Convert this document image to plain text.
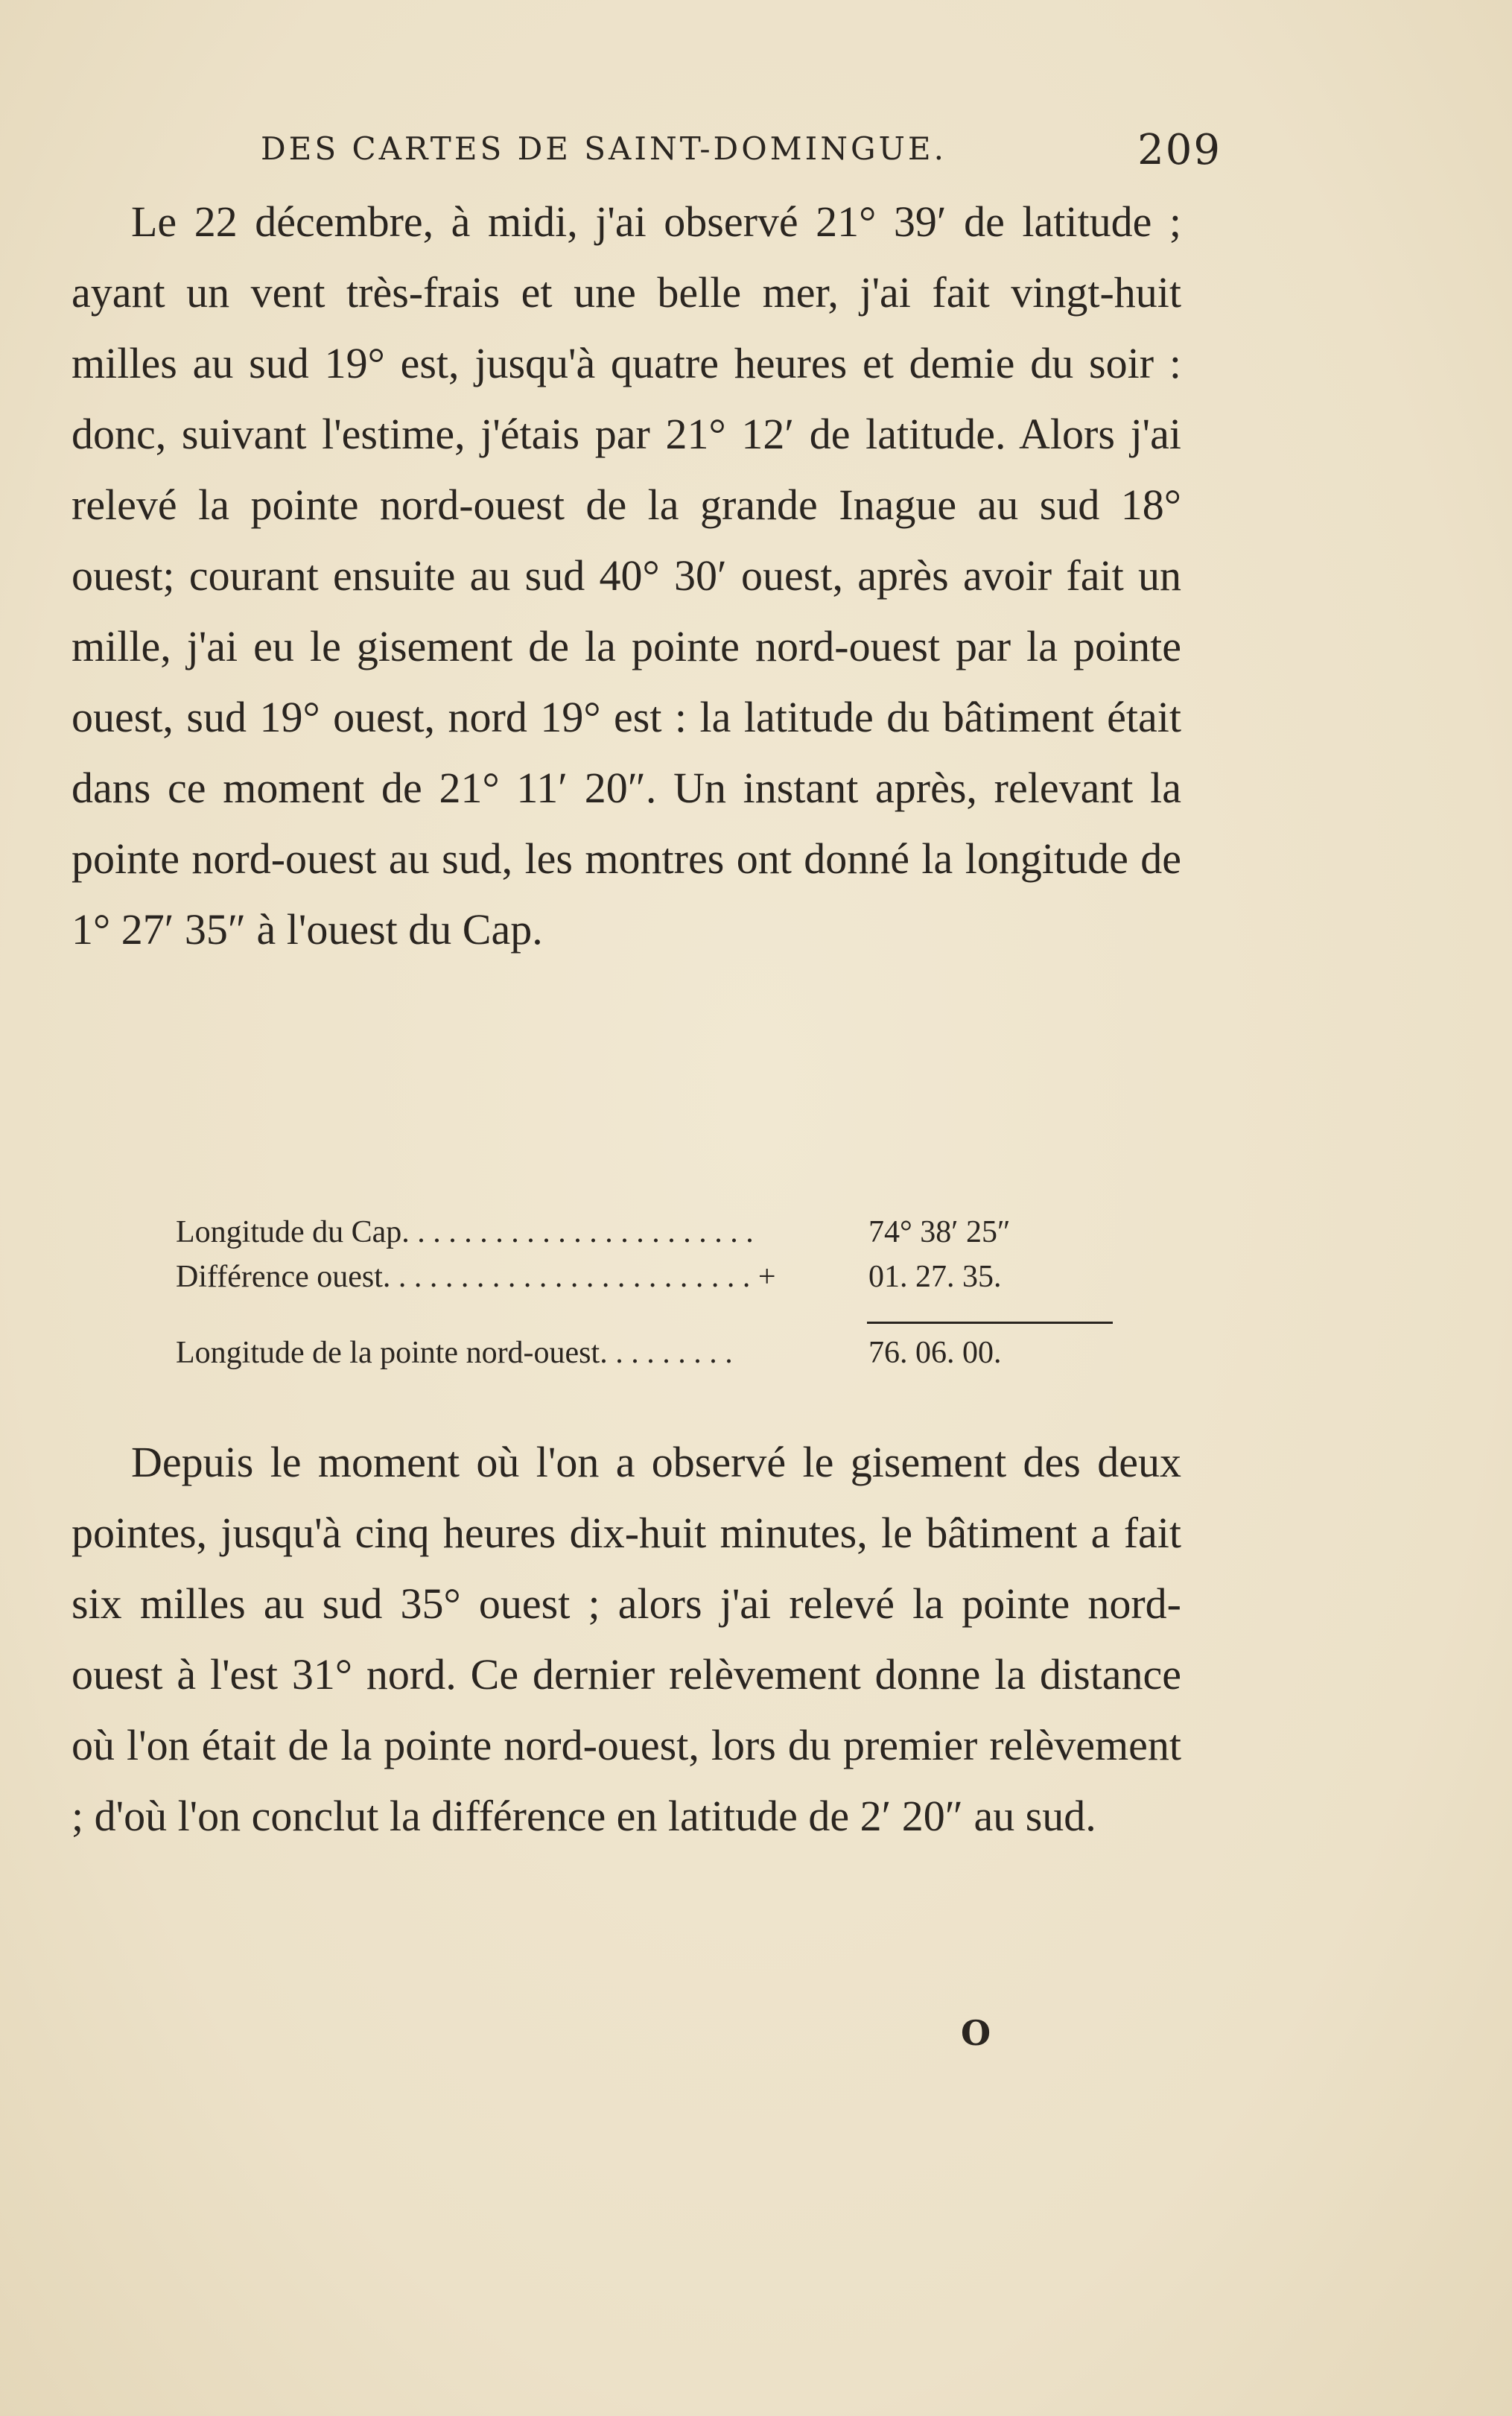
DES CARTES DE SAINT-DOMINGUE.	209

Le 22 décembre, à midi, j'ai observé 21° 39′ de latitude ; ayant un vent très-frais et une belle mer, j'ai fait vingt-huit milles au sud 19° est, jusqu'à quatre heures et demie du soir : donc, suivant l'estime, j'étais par 21° 12′ de latitude. Alors j'ai relevé la pointe nord-ouest de la grande Inague au sud 18° ouest; courant ensuite au sud 40° 30′ ouest, après avoir fait un mille, j'ai eu le gisement de la pointe nord-ouest par la pointe ouest, sud 19° ouest, nord 19° est : la latitude du bâtiment était dans ce moment de 21° 11′ 20″. Un instant après, relevant la pointe nord-ouest au sud, les montres ont donné la longitude de 1° 27′ 35″ à l'ouest du Cap.

Longitude du Cap. . . . . . . . . . . . . . . . . . . . . . .	74° 38′ 25″
Différence ouest. . . . . . . . . . . . . . . . . . . . . . . . +	01. 27. 35.
Longitude de la pointe nord-ouest. . . . . . . . .	76. 06. 00.

Depuis le moment où l'on a observé le gisement des deux pointes, jusqu'à cinq heures dix-huit minutes, le bâtiment a fait six milles au sud 35° ouest ; alors j'ai relevé la pointe nord-ouest à l'est 31° nord. Ce dernier relèvement donne la distance où l'on était de la pointe nord-ouest, lors du premier relèvement ; d'où l'on conclut la différence en latitude de 2′ 20″ au sud.

O
